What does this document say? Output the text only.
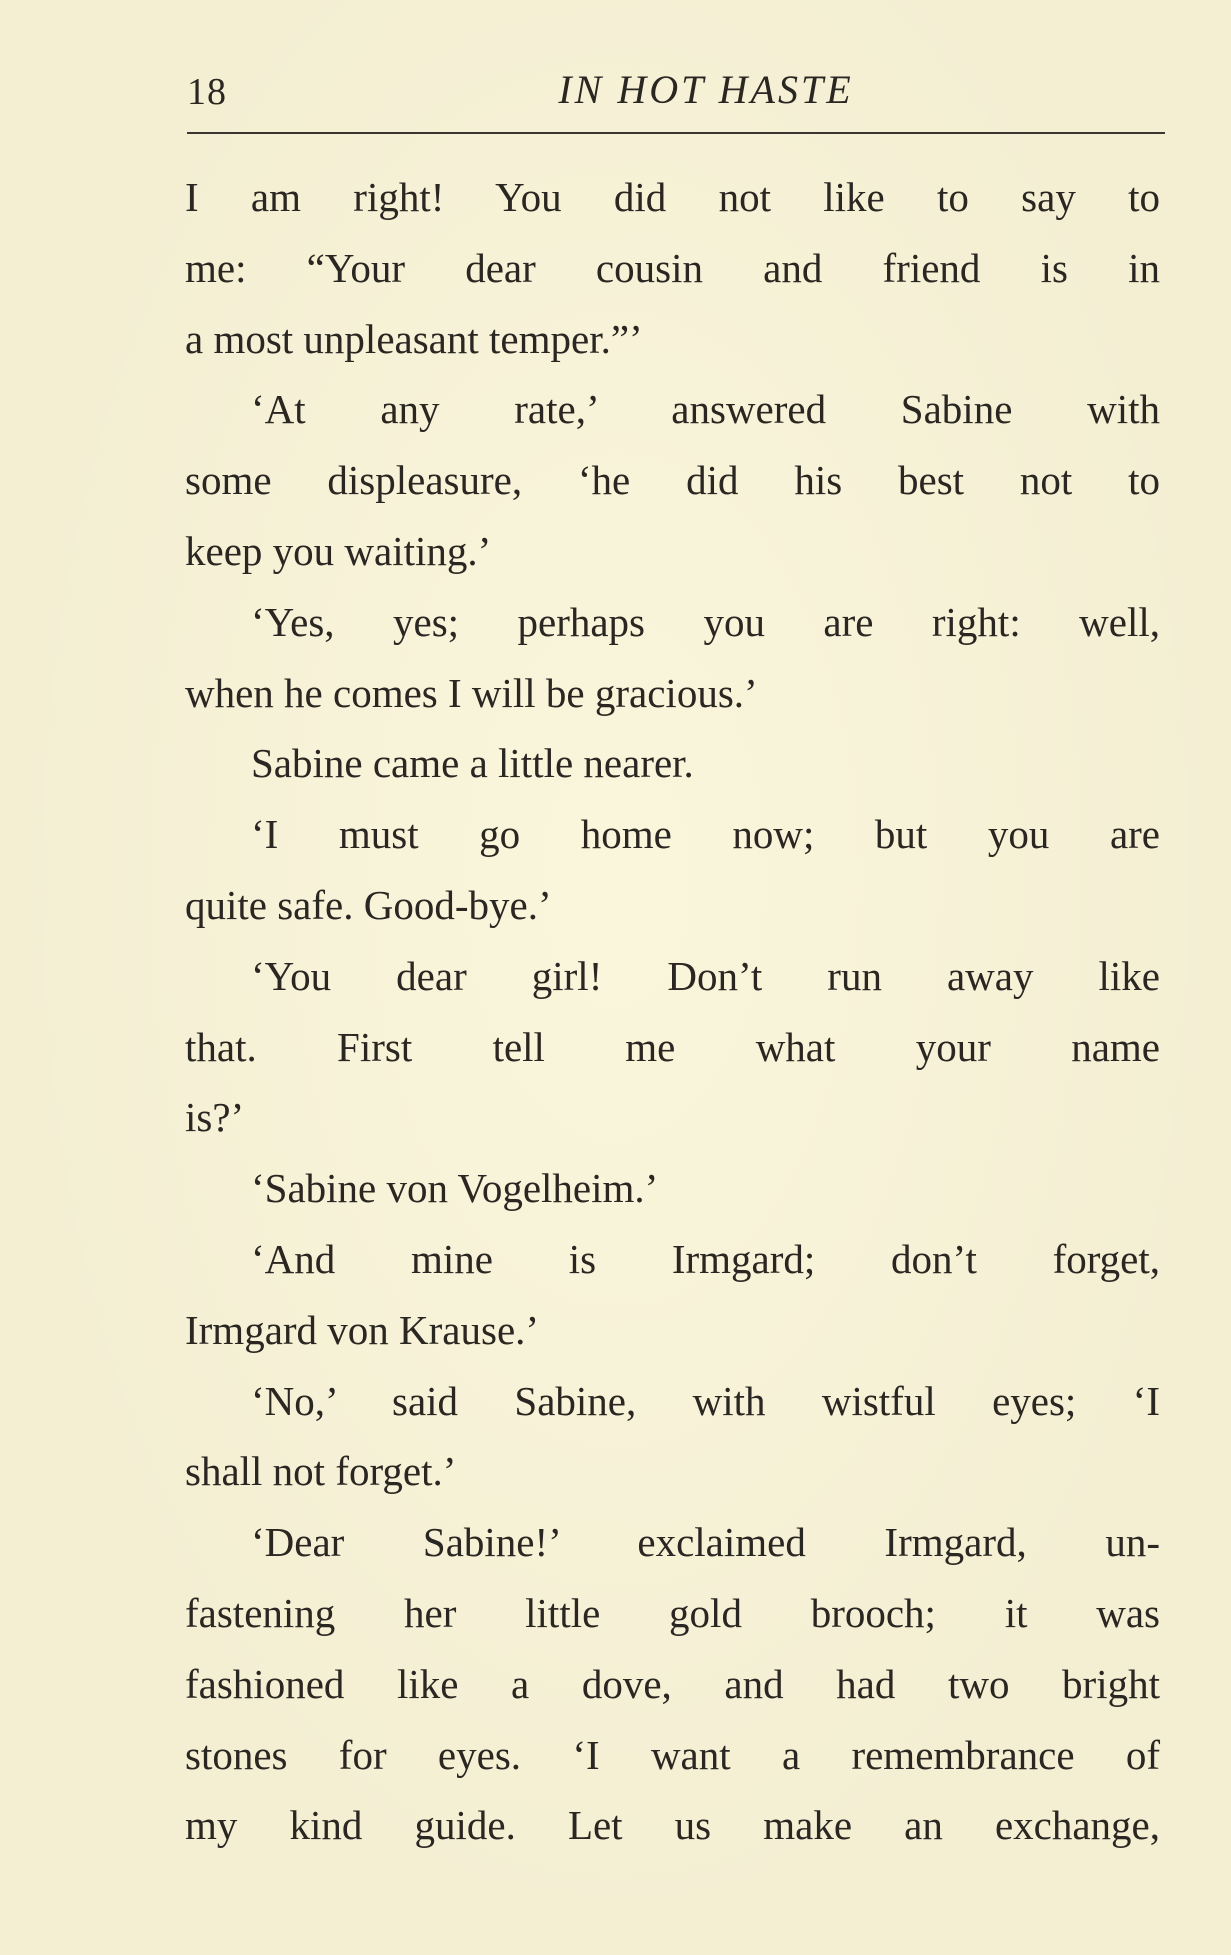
18	IN HOT HASTE
I am right! You did not like to say to
me: “Your dear cousin and friend is in
a most unpleasant temper.”’
‘At any rate,’ answered Sabine with
some displeasure, ‘he did his best not to
keep you waiting.’
‘Yes, yes; perhaps you are right: well,
when he comes I will be gracious.’
Sabine came a little nearer.
‘I must go home now; but you are
quite safe. Good-bye.’
‘You dear girl! Don’t run away like
that. First tell me what your name
is?’
‘Sabine von Vogelheim.’
‘And mine is Irmgard; don’t forget,
Irmgard von Krause.’
‘No,’ said Sabine, with wistful eyes; ‘I
shall not forget.’
‘Dear Sabine!’ exclaimed Irmgard, un-
fastening her little gold brooch; it was
fashioned like a dove, and had two bright
stones for eyes. ‘I want a remembrance of
my kind guide. Let us make an exchange,
